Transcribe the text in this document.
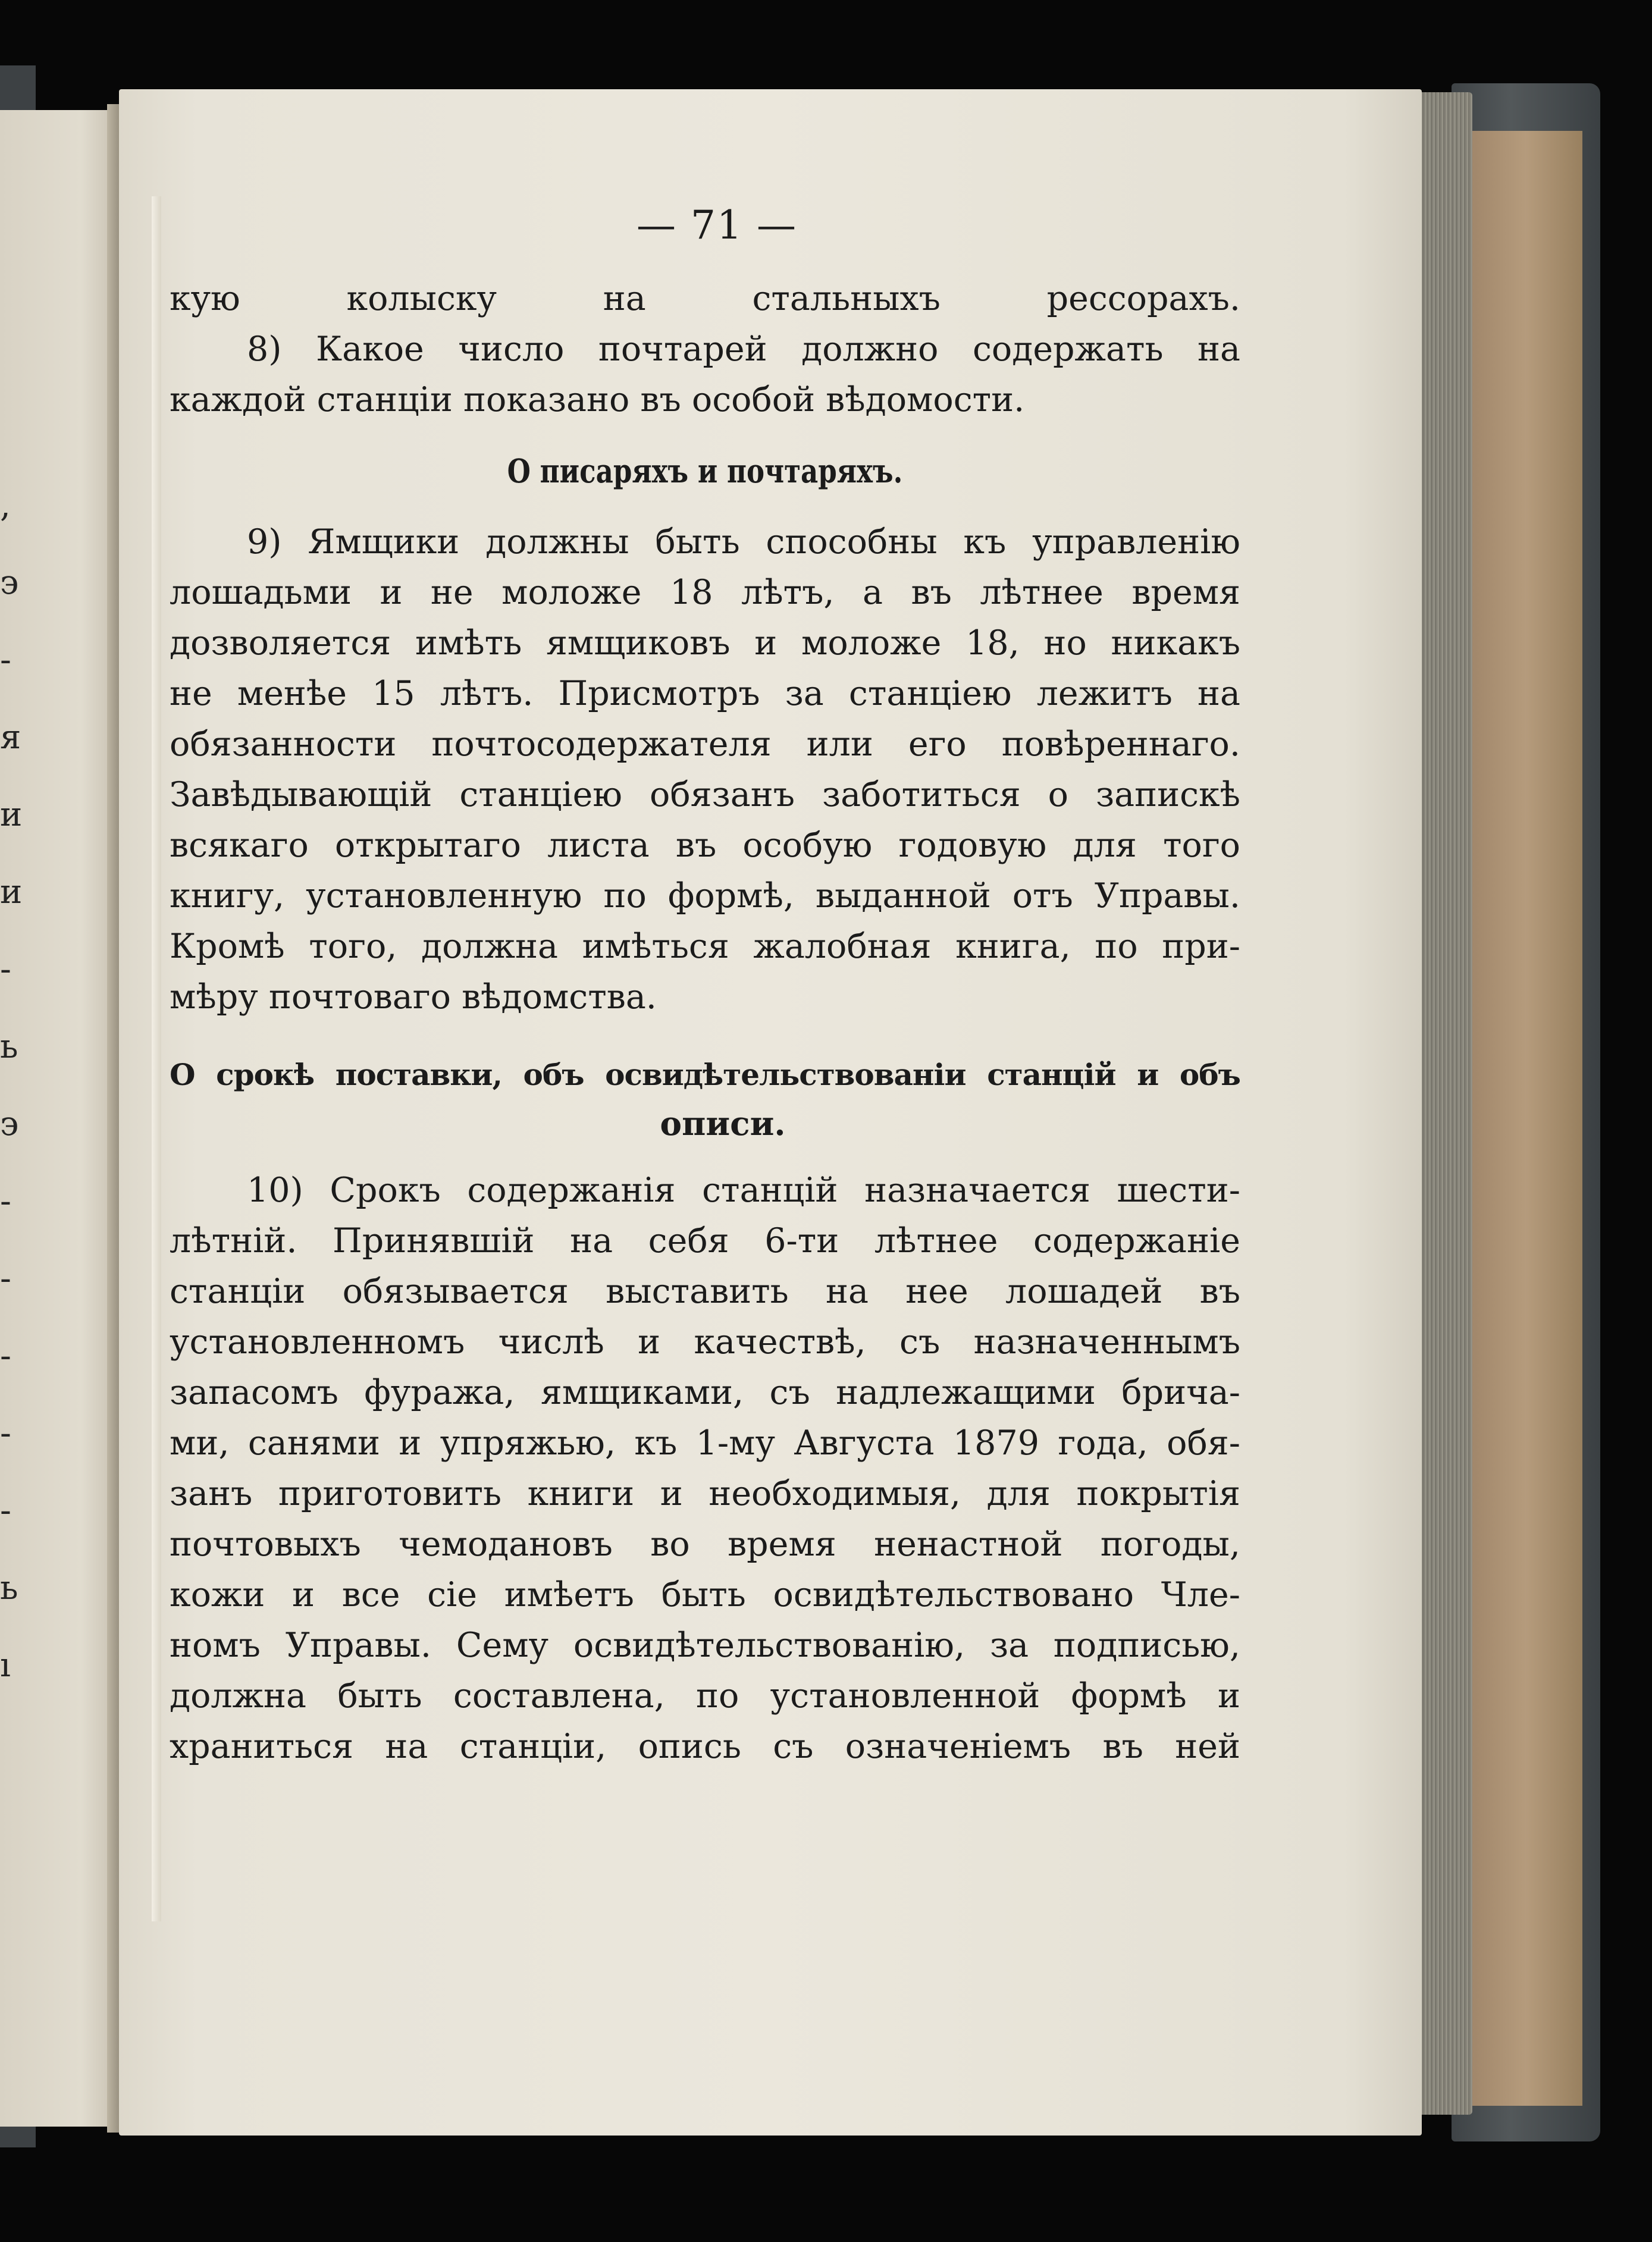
,
э
-
я
и
и
-
ь
э
-
-
-
-
-
ь
ı
— 71 —
кую колыску на стальныхъ рессорахъ.
8) Какое число почтарей должно содержать на
каждой станціи показано въ особой вѣдомости.
О писаряхъ и почтаряхъ.
9) Ямщики должны быть способны къ управленію
лошадьми и не моложе 18 лѣтъ, а въ лѣтнее время
дозволяется имѣть ямщиковъ и моложе 18, но никакъ
не менѣе 15 лѣтъ. Присмотръ за станціею лежитъ на
обязанности почтосодержателя или его повѣреннаго.
Завѣдывающій станціею обязанъ заботиться о запискѣ
всякаго открытаго листа въ особую годовую для того
книгу, установленную по формѣ, выданной отъ Управы.
Кромѣ того, должна имѣться жалобная книга, по при-
мѣру почтоваго вѣдомства.
О срокѣ поставки, объ освидѣтельствованіи станцій и объ
описи.
10) Срокъ содержанія станцій назначается шести-
лѣтній. Принявшій на себя 6-ти лѣтнее содержаніе
станціи обязывается выставить на нее лошадей въ
установленномъ числѣ и качествѣ, съ назначеннымъ
запасомъ фуража, ямщиками, съ надлежащими брича-
ми, санями и упряжью, къ 1-му Августа 1879 года, обя-
занъ приготовить книги и необходимыя, для покрытія
почтовыхъ чемодановъ во время ненастной погоды,
кожи и все сіе имѣетъ быть освидѣтельствовано Чле-
номъ Управы. Сему освидѣтельствованію, за подписью,
должна быть составлена, по установленной формѣ и
храниться на станціи, опись съ означеніемъ въ ней
